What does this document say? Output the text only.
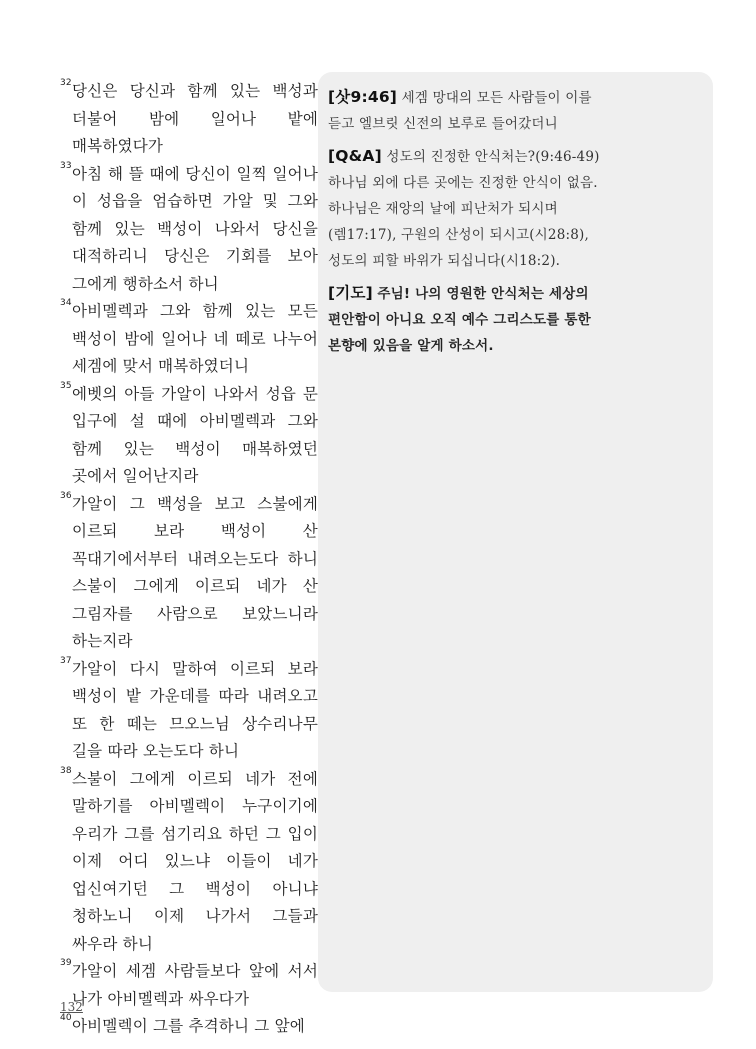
32 당신은 당신과 함께 있는 백성과 더불어 밤에 일어나 밭에 매복하였다가
33 아침 해 뜰 때에 당신이 일찍 일어나 이 성읍을 엄습하면 가알 및 그와 함께 있는 백성이 나와서 당신을 대적하리니 당신은 기회를 보아 그에게 행하소서 하니
34 아비멜렉과 그와 함께 있는 모든 백성이 밤에 일어나 네 떼로 나누어 세겜에 맞서 매복하였더니
35 에벳의 아들 가알이 나와서 성읍 문 입구에 설 때에 아비멜렉과 그와 함께 있는 백성이 매복하였던 곳에서 일어난지라
36 가알이 그 백성을 보고 스불에게 이르되 보라 백성이 산 꼭대기에서부터 내려오는도다 하니 스불이 그에게 이르되 네가 산 그림자를 사람으로 보았느니라 하는지라
37 가알이 다시 말하여 이르되 보라 백성이 밭 가운데를 따라 내려오고 또 한 떼는 므오느님 상수리나무 길을 따라 오는도다 하니
38 스불이 그에게 이르되 네가 전에 말하기를 아비멜렉이 누구이기에 우리가 그를 섬기리요 하던 그 입이 이제 어디 있느냐 이들이 네가 업신여기던 그 백성이 아니냐 청하노니 이제 나가서 그들과 싸우라 하니
39 가알이 세겜 사람들보다 앞에 서서 나가 아비멜렉과 싸우다가
40 아비멜렉이 그를 추격하니 그 앞에

[삿9:46] 세겜 망대의 모든 사람들이 이를 듣고 엘브릿 신전의 보루로 들어갔더니

[Q&A] 성도의 진정한 안식처는?(9:46-49) 하나님 외에 다른 곳에는 진정한 안식이 없음. 하나님은 재앙의 날에 피난처가 되시며(렘17:17), 구원의 산성이 되시고(시28:8), 성도의 피할 바위가 되십니다(시18:2).

[기도] 주님! 나의 영원한 안식처는 세상의 편안함이 아니요 오직 예수 그리스도를 통한 본향에 있음을 알게 하소서.

132
